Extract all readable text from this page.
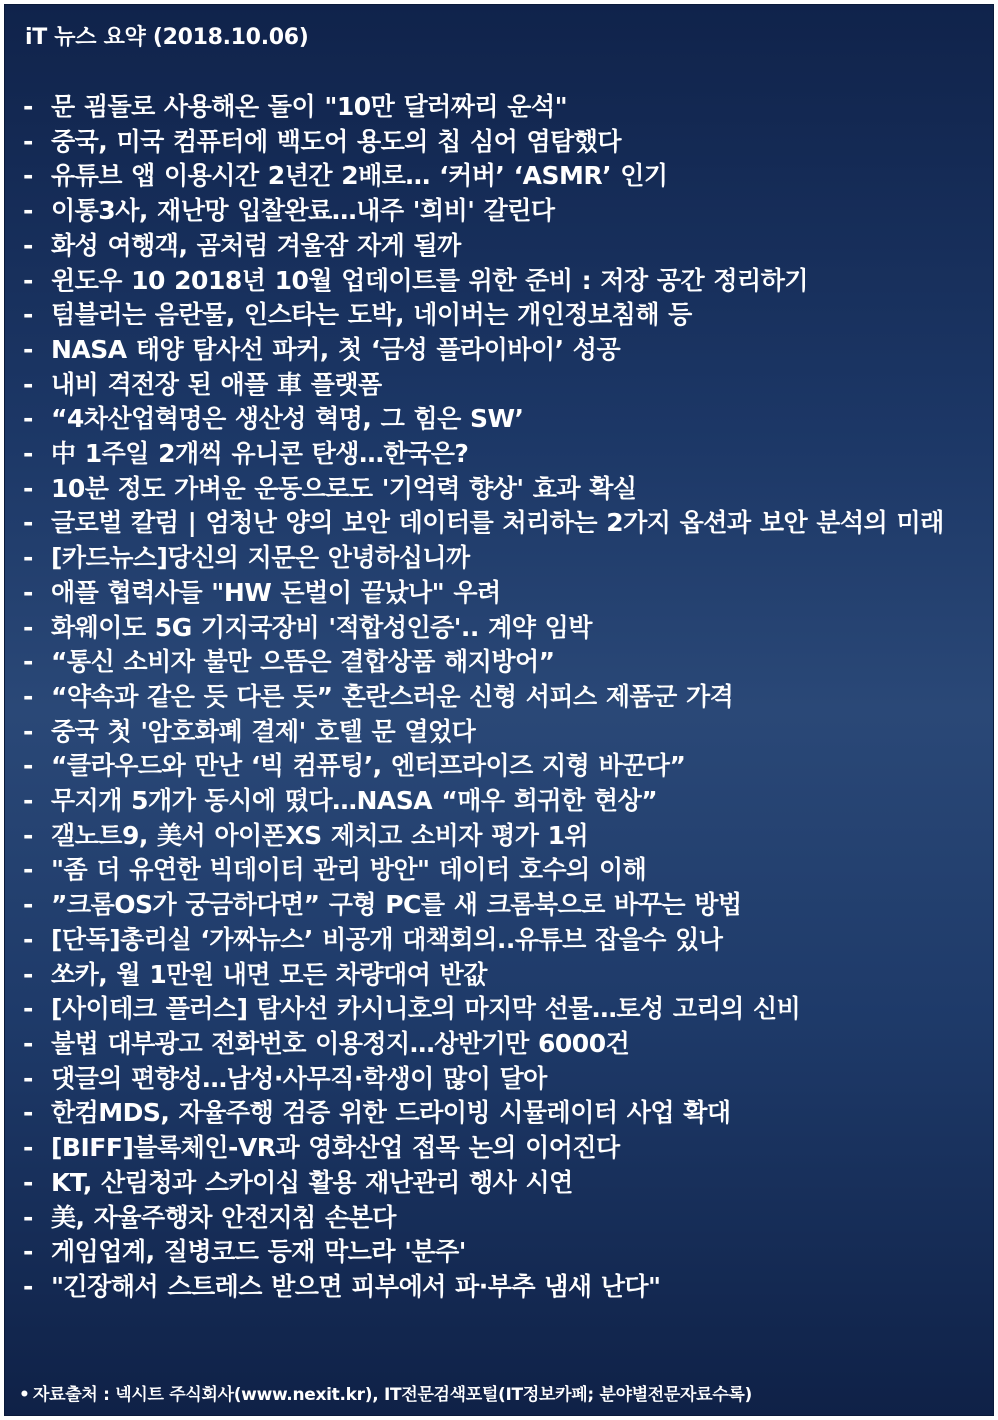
iT 뉴스 요약 (2018.10.06)
- 문 굄돌로 사용해온 돌이 "10만 달러짜리 운석"
- 중국, 미국 컴퓨터에 백도어 용도의 칩 심어 염탐했다
- 유튜브 앱 이용시간 2년간 2배로… ‘커버’ ‘ASMR’ 인기
- 이통3사, 재난망 입찰완료…내주 '희비' 갈린다
- 화성 여행객, 곰처럼 겨울잠 자게 될까
- 윈도우 10 2018년 10월 업데이트를 위한 준비 : 저장 공간 정리하기
- 텀블러는 음란물, 인스타는 도박, 네이버는 개인정보침해 등
- NASA 태양 탐사선 파커, 첫 ‘금성 플라이바이’ 성공
- 내비 격전장 된 애플 車 플랫폼
- “4차산업혁명은 생산성 혁명, 그 힘은 SW’
- 中 1주일 2개씩 유니콘 탄생…한국은?
- 10분 정도 가벼운 운동으로도 '기억력 향상' 효과 확실
- 글로벌 칼럼 | 엄청난 양의 보안 데이터를 처리하는 2가지 옵션과 보안 분석의 미래
- [카드뉴스]당신의 지문은 안녕하십니까
- 애플 협력사들 "HW 돈벌이 끝났나" 우려
- 화웨이도 5G 기지국장비 '적합성인증'.. 계약 임박
- “통신 소비자 불만 으뜸은 결합상품 해지방어”
- “약속과 같은 듯 다른 듯” 혼란스러운 신형 서피스 제품군 가격
- 중국 첫 '암호화폐 결제' 호텔 문 열었다
- “클라우드와 만난 ‘빅 컴퓨팅’, 엔터프라이즈 지형 바꾼다”
- 무지개 5개가 동시에 떴다…NASA “매우 희귀한 현상”
- 갤노트9, 美서 아이폰XS 제치고 소비자 평가 1위
- "좀 더 유연한 빅데이터 관리 방안" 데이터 호수의 이해
- ”크롬OS가 궁금하다면” 구형 PC를 새 크롬북으로 바꾸는 방법
- [단독]총리실 ‘가짜뉴스’ 비공개 대책회의..유튜브 잡을수 있나
- 쏘카, 월 1만원 내면 모든 차량대여 반값
- [사이테크 플러스] 탐사선 카시니호의 마지막 선물…토성 고리의 신비
- 불법 대부광고 전화번호 이용정지…상반기만 6000건
- 댓글의 편향성…남성·사무직·학생이 많이 달아
- 한컴MDS, 자율주행 검증 위한 드라이빙 시뮬레이터 사업 확대
- [BIFF]블록체인-VR과 영화산업 접목 논의 이어진다
- KT, 산림청과 스카이십 활용 재난관리 행사 시연
- 美, 자율주행차 안전지침 손본다
- 게임업계, 질병코드 등재 막느라 '분주'
- "긴장해서 스트레스 받으면 피부에서 파·부추 냄새 난다"
• 자료출처 : 넥시트 주식회사(www.nexit.kr), IT전문검색포털(IT정보카페; 분야별전문자료수록)
